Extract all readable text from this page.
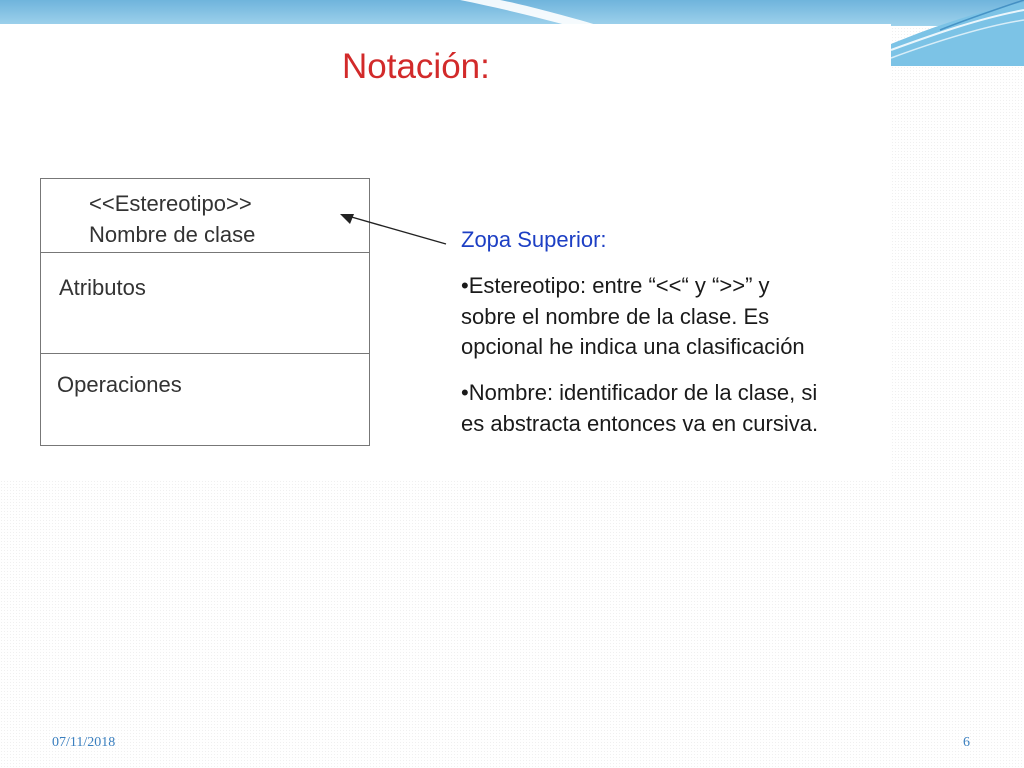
Notación:
<<Estereotipo>>
Nombre de clase
Atributos
Operaciones
Zopa Superior:
•Estereotipo: entre “<<“ y “>>” y
sobre el nombre de la clase. Es
opcional he indica una clasificación
•Nombre: identificador de la clase, si
es abstracta entonces va en cursiva.
07/11/2018	6
